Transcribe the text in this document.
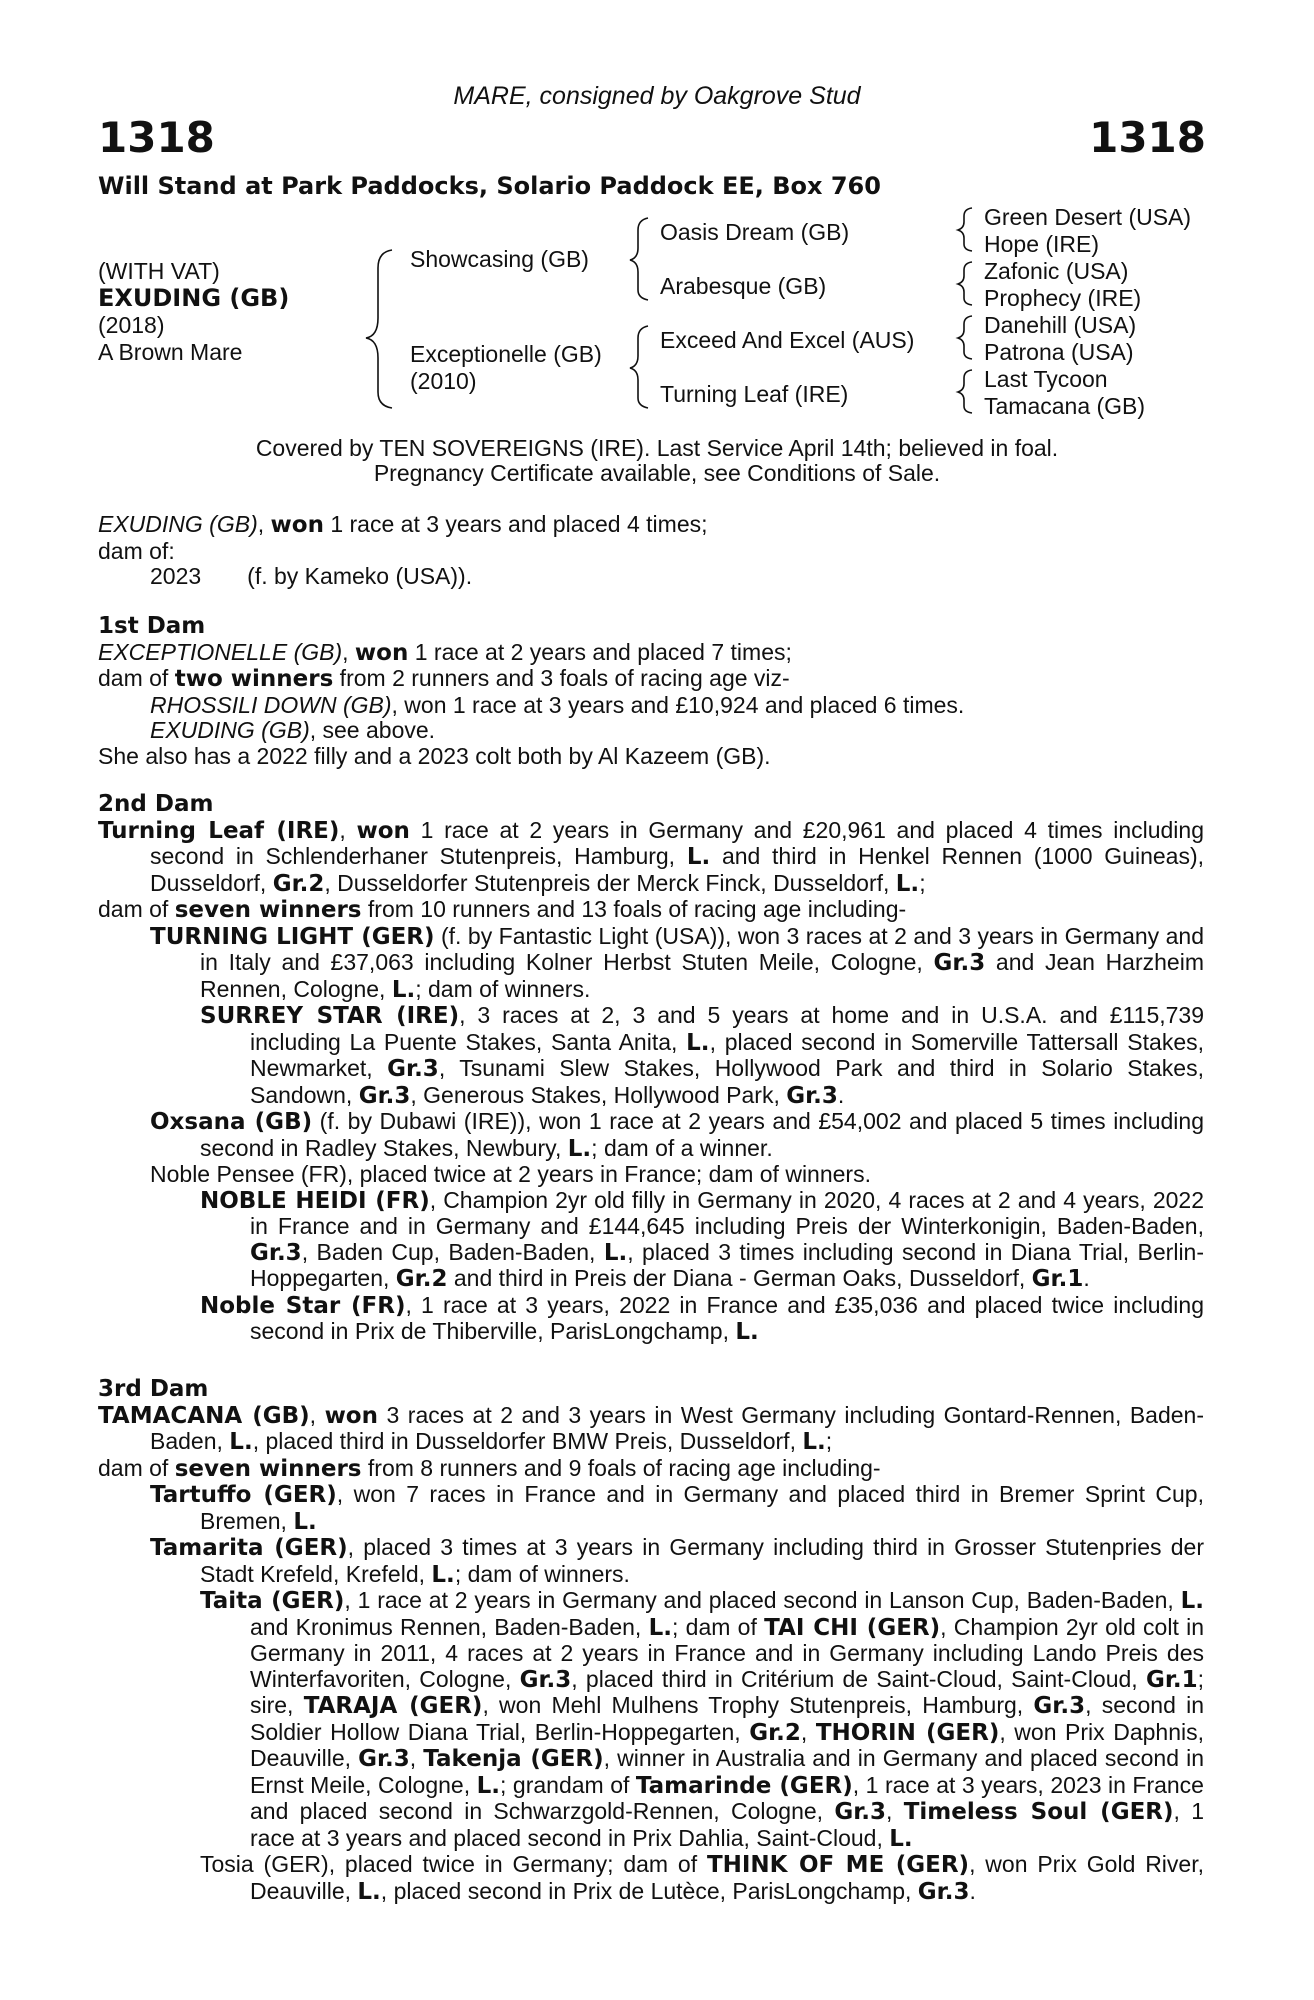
MARE, consigned by Oakgrove Stud
1318	1318
Will Stand at Park Paddocks, Solario Paddock EE, Box 760
(WITH VAT)
EXUDING (GB)
(2018)
A Brown Mare
Showcasing (GB)
Exceptionelle (GB)
(2010)
Oasis Dream (GB)
Arabesque (GB)
Exceed And Excel (AUS)
Turning Leaf (IRE)
Green Desert (USA)
Hope (IRE)
Zafonic (USA)
Prophecy (IRE)
Danehill (USA)
Patrona (USA)
Last Tycoon
Tamacana (GB)
Covered by TEN SOVEREIGNS (IRE). Last Service April 14th; believed in foal.
Pregnancy Certificate available, see Conditions of Sale.

EXUDING (GB), won 1 race at 3 years and placed 4 times;

dam of:

2023 (f. by Kameko (USA)).

1st Dam

EXCEPTIONELLE (GB), won 1 race at 2 years and placed 7 times;

dam of two winners from 2 runners and 3 foals of racing age viz-

RHOSSILI DOWN (GB), won 1 race at 3 years and £10,924 and placed 6 times.

EXUDING (GB), see above.

She also has a 2022 filly and a 2023 colt both by Al Kazeem (GB).

2nd Dam

Turning Leaf (IRE), won 1 race at 2 years in Germany and £20,961 and placed 4 times including second in Schlenderhaner Stutenpreis, Hamburg, L. and third in Henkel Rennen (1000 Guineas), Dusseldorf, Gr.2, Dusseldorfer Stutenpreis der Merck Finck, Dusseldorf, L.;

dam of seven winners from 10 runners and 13 foals of racing age including-

TURNING LIGHT (GER) (f. by Fantastic Light (USA)), won 3 races at 2 and 3 years in Germany and in Italy and £37,063 including Kolner Herbst Stuten Meile, Cologne, Gr.3 and Jean Harzheim Rennen, Cologne, L.; dam of winners.

SURREY STAR (IRE), 3 races at 2, 3 and 5 years at home and in U.S.A. and £115,739 including La Puente Stakes, Santa Anita, L., placed second in Somerville Tattersall Stakes, Newmarket, Gr.3, Tsunami Slew Stakes, Hollywood Park and third in Solario Stakes, Sandown, Gr.3, Generous Stakes, Hollywood Park, Gr.3.

Oxsana (GB) (f. by Dubawi (IRE)), won 1 race at 2 years and £54,002 and placed 5 times including second in Radley Stakes, Newbury, L.; dam of a winner.

Noble Pensee (FR), placed twice at 2 years in France; dam of winners.

NOBLE HEIDI (FR), Champion 2yr old filly in Germany in 2020, 4 races at 2 and 4 years, 2022 in France and in Germany and £144,645 including Preis der Winterkonigin, Baden-Baden, Gr.3, Baden Cup, Baden-Baden, L., placed 3 times including second in Diana Trial, Berlin-Hoppegarten, Gr.2 and third in Preis der Diana - German Oaks, Dusseldorf, Gr.1.

Noble Star (FR), 1 race at 3 years, 2022 in France and £35,036 and placed twice including second in Prix de Thiberville, ParisLongchamp, L.

3rd Dam

TAMACANA (GB), won 3 races at 2 and 3 years in West Germany including Gontard-Rennen, Baden-Baden, L., placed third in Dusseldorfer BMW Preis, Dusseldorf, L.;

dam of seven winners from 8 runners and 9 foals of racing age including-

Tartuffo (GER), won 7 races in France and in Germany and placed third in Bremer Sprint Cup, Bremen, L.

Tamarita (GER), placed 3 times at 3 years in Germany including third in Grosser Stutenpries der Stadt Krefeld, Krefeld, L.; dam of winners.

Taita (GER), 1 race at 2 years in Germany and placed second in Lanson Cup, Baden-Baden, L. and Kronimus Rennen, Baden-Baden, L.; dam of TAI CHI (GER), Champion 2yr old colt in Germany in 2011, 4 races at 2 years in France and in Germany including Lando Preis des Winterfavoriten, Cologne, Gr.3, placed third in Critérium de Saint-Cloud, Saint-Cloud, Gr.1; sire, TARAJA (GER), won Mehl Mulhens Trophy Stutenpreis, Hamburg, Gr.3, second in Soldier Hollow Diana Trial, Berlin-Hoppegarten, Gr.2, THORIN (GER), won Prix Daphnis, Deauville, Gr.3, Takenja (GER), winner in Australia and in Germany and placed second in Ernst Meile, Cologne, L.; grandam of Tamarinde (GER), 1 race at 3 years, 2023 in France and placed second in Schwarzgold-Rennen, Cologne, Gr.3, Timeless Soul (GER), 1 race at 3 years and placed second in Prix Dahlia, Saint-Cloud, L.

Tosia (GER), placed twice in Germany; dam of THINK OF ME (GER), won Prix Gold River, Deauville, L., placed second in Prix de Lutèce, ParisLongchamp, Gr.3.
